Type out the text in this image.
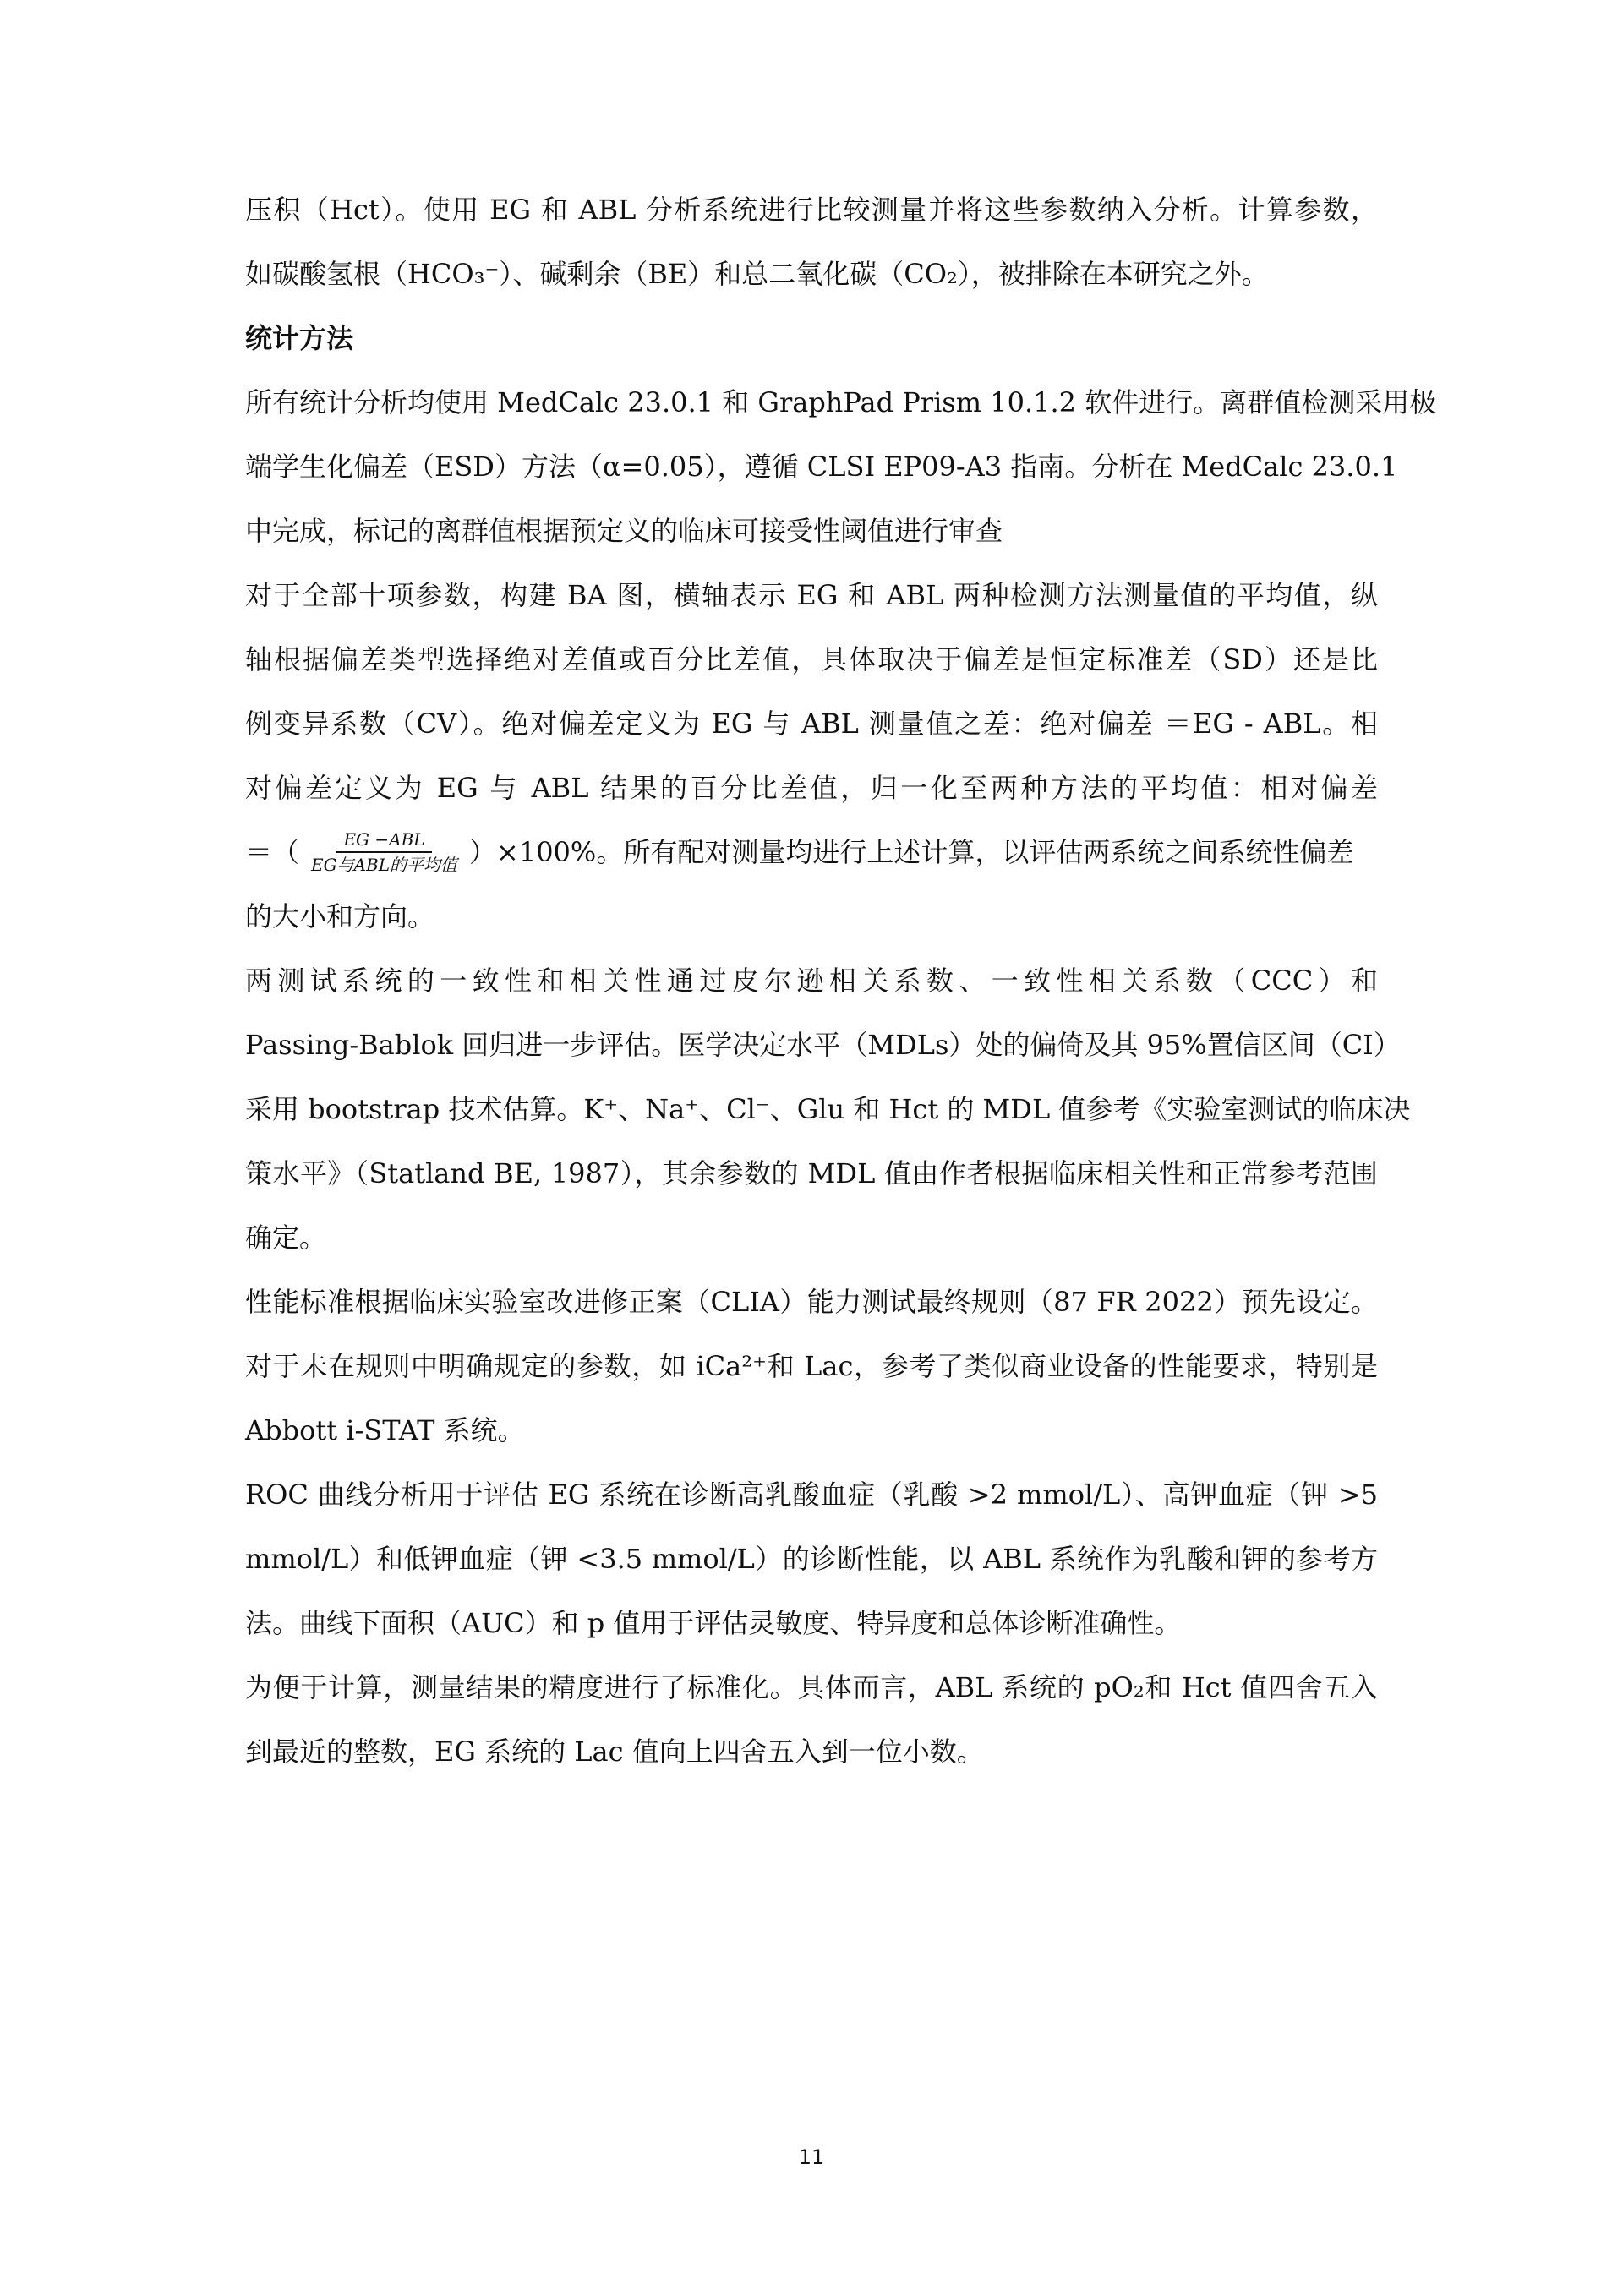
压积（Hct）。使用 EG 和 ABL 分析系统进行比较测量并将这些参数纳入分析。计算参数，
如碳酸氢根（HCO₃⁻）、碱剩余（BE）和总二氧化碳（CO₂），被排除在本研究之外。
统计方法
所有统计分析均使用 MedCalc 23.0.1 和 GraphPad Prism 10.1.2 软件进行。离群值检测采用极
端学生化偏差（ESD）方法（α=0.05），遵循 CLSI EP09-A3 指南。分析在 MedCalc 23.0.1
中完成，标记的离群值根据预定义的临床可接受性阈值进行审查
对于全部十项参数，构建 BA 图，横轴表示 EG 和 ABL 两种检测方法测量值的平均值，纵
轴根据偏差类型选择绝对差值或百分比差值，具体取决于偏差是恒定标准差（SD）还是比
例变异系数（CV）。绝对偏差定义为 EG 与 ABL 测量值之差：绝对偏差 ＝EG - ABL。相
对偏差定义为 EG 与 ABL 结果的百分比差值，归一化至两种方法的平均值：相对偏差
＝（ $\frac{\text{EG −ABL}}{\text{EG与ABL的平均值}} )\times 100\%$。所有配对测量均进行上述计算，以评估两系统之间系统性偏差
的大小和方向。
两测试系统的一致性和相关性通过皮尔逊相关系数、一致性相关系数（CCC）和
Passing-Bablok 回归进一步评估。医学决定水平（MDLs）处的偏倚及其 95%置信区间（CI）
采用 bootstrap 技术估算。K⁺、Na⁺、Cl⁻、Glu 和 Hct 的 MDL 值参考《实验室测试的临床决
策水平》（Statland BE, 1987），其余参数的 MDL 值由作者根据临床相关性和正常参考范围
确定。
性能标准根据临床实验室改进修正案（CLIA）能力测试最终规则（87 FR 2022）预先设定。
对于未在规则中明确规定的参数，如 iCa²⁺和 Lac，参考了类似商业设备的性能要求，特别是
Abbott i-STAT 系统。
ROC 曲线分析用于评估 EG 系统在诊断高乳酸血症（乳酸 >2 mmol/L）、高钾血症（钾 >5
mmol/L）和低钾血症（钾 <3.5 mmol/L）的诊断性能，以 ABL 系统作为乳酸和钾的参考方
法。曲线下面积（AUC）和 p 值用于评估灵敏度、特异度和总体诊断准确性。
为便于计算，测量结果的精度进行了标准化。具体而言，ABL 系统的 pO₂和 Hct 值四舍五入
到最近的整数，EG 系统的 Lac 值向上四舍五入到一位小数。
11
